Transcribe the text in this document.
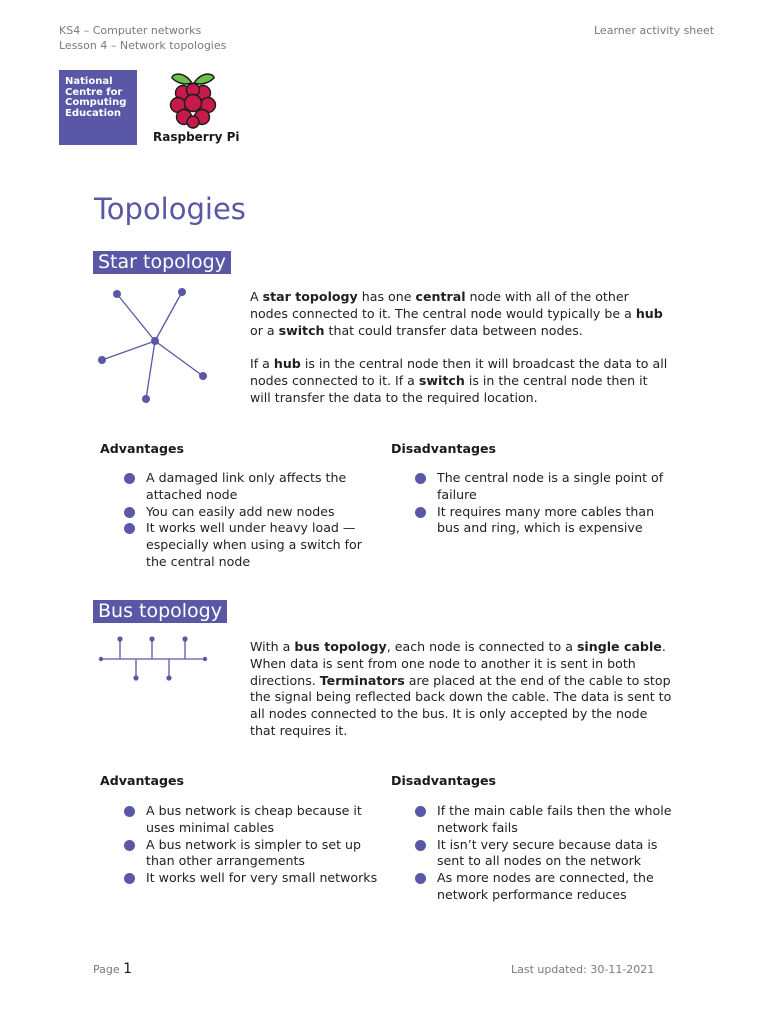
KS4 – Computer networks
Lesson 4 – Network topologies
Learner activity sheet
National
Centre for
Computing
Education
Raspberry Pi
Topologies
Star topology

A star topology has one central node with all of the other nodes connected to it. The central node would typically be a hub or a switch that could transfer data between nodes.

If a hub is in the central node then it will broadcast the data to all nodes connected to it. If a switch is in the central node then it will transfer the data to the required location.

Advantages	Disadvantages
A damaged link only affects the attached node
You can easily add new nodes
It works well under heavy load — especially when using a switch for the central node
The central node is a single point of failure
It requires many more cables than bus and ring, which is expensive
Bus topology

With a bus topology, each node is connected to a single cable. When data is sent from one node to another it is sent in both directions. Terminators are placed at the end of the cable to stop the signal being reflected back down the cable. The data is sent to all nodes connected to the bus. It is only accepted by the node that requires it.

Advantages	Disadvantages
A bus network is cheap because it uses minimal cables
A bus network is simpler to set up than other arrangements
It works well for very small networks
If the main cable fails then the whole network fails
It isn’t very secure because data is sent to all nodes on the network
As more nodes are connected, the network performance reduces
Page 1	Last updated: 30-11-2021
